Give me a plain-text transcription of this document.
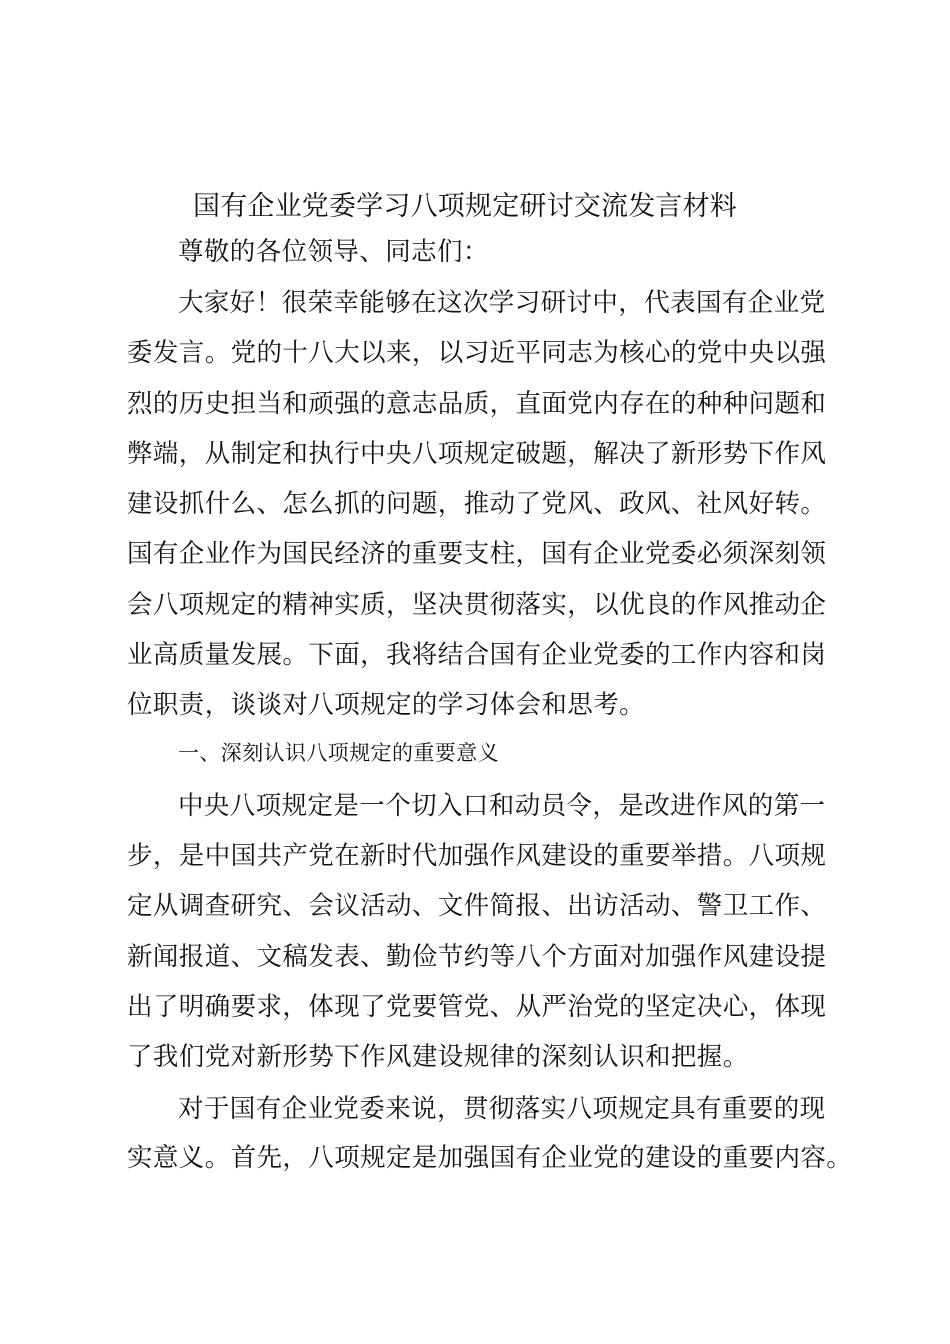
国有企业党委学习八项规定研讨交流发言材料
尊敬的各位领导、同志们：
大家好！很荣幸能够在这次学习研讨中，代表国有企业党
委发言。党的十八大以来，以习近平同志为核心的党中央以强
烈的历史担当和顽强的意志品质，直面党内存在的种种问题和
弊端，从制定和执行中央八项规定破题，解决了新形势下作风
建设抓什么、怎么抓的问题，推动了党风、政风、社风好转。
国有企业作为国民经济的重要支柱，国有企业党委必须深刻领
会八项规定的精神实质，坚决贯彻落实，以优良的作风推动企
业高质量发展。下面，我将结合国有企业党委的工作内容和岗
位职责，谈谈对八项规定的学习体会和思考。
一、深刻认识八项规定的重要意义
中央八项规定是一个切入口和动员令，是改进作风的第一
步，是中国共产党在新时代加强作风建设的重要举措。八项规
定从调查研究、会议活动、文件简报、出访活动、警卫工作、
新闻报道、文稿发表、勤俭节约等八个方面对加强作风建设提
出了明确要求，体现了党要管党、从严治党的坚定决心，体现
了我们党对新形势下作风建设规律的深刻认识和把握。
对于国有企业党委来说，贯彻落实八项规定具有重要的现
实意义。首先，八项规定是加强国有企业党的建设的重要内容。
